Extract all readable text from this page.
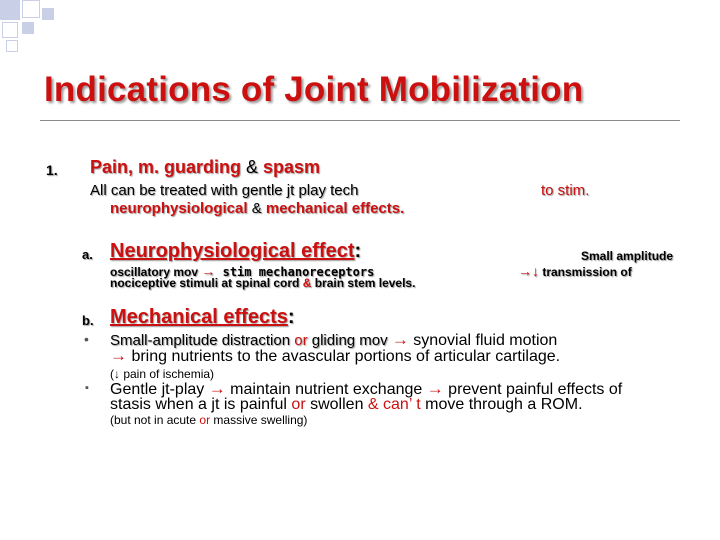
Indications of Joint Mobilization
1. Pain, m. guarding & spasm
All can be treated with gentle jt play tech	to stim.
neurophysiological & mechanical effects.
a. Neurophysiological effect:	Small amplitude
oscillatory mov → stim mechanoreceptors	→↓ transmission of
nociceptive stimuli at spinal cord & brain stem levels.
b. Mechanical effects:
• Small-amplitude distraction or gliding mov → synovial fluid motion
→ bring nutrients to the avascular portions of articular cartilage.
(↓ pain of ischemia)
▪ Gentle jt-play → maintain nutrient exchange → prevent painful effects of
stasis when a jt is painful or swollen & can’ t move through a ROM.
(but not in acute or massive swelling)
